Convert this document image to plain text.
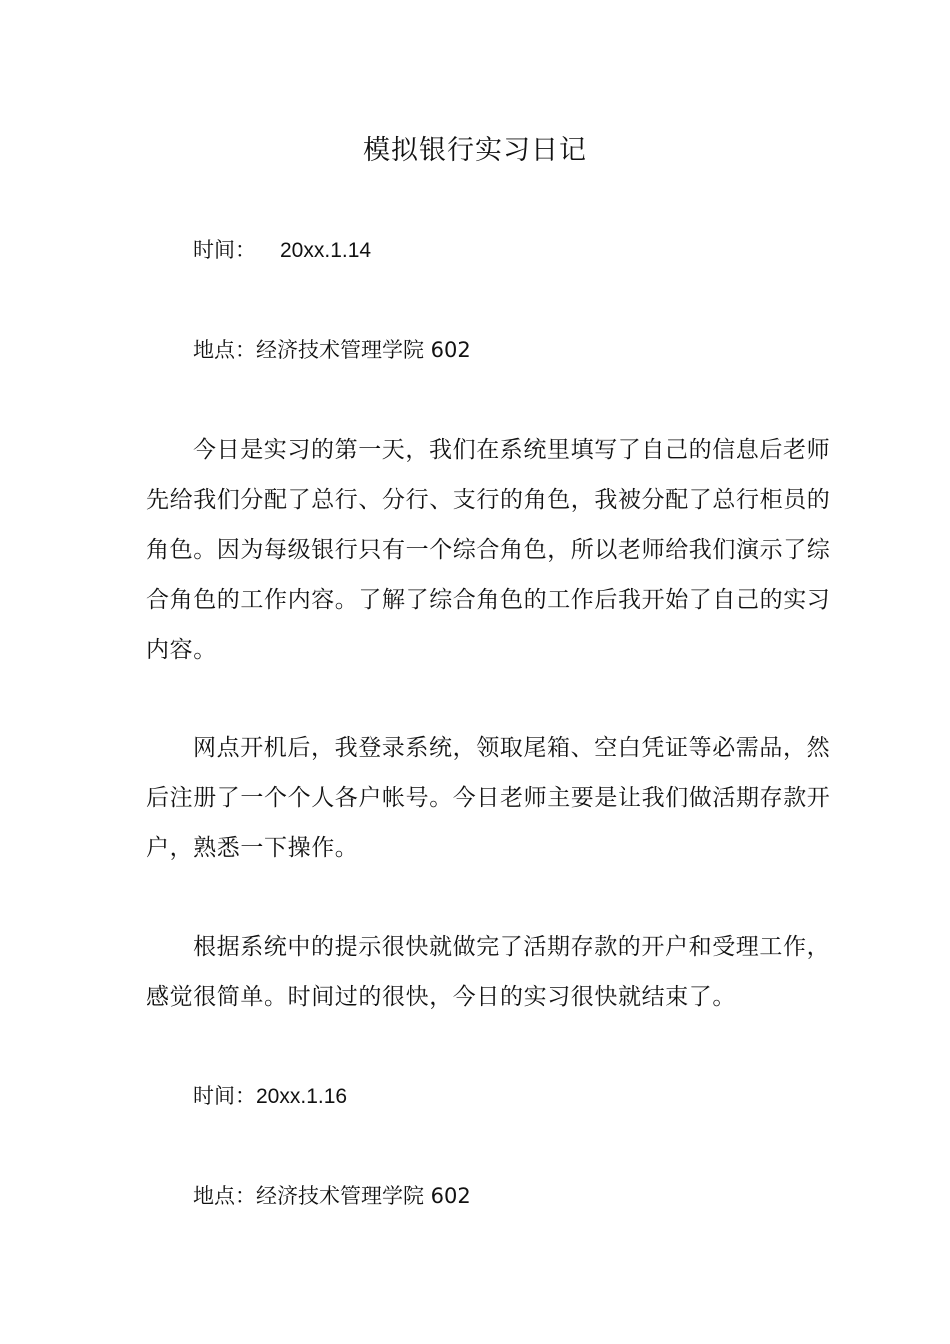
模拟银行实习日记
时间： 20xx.1.14
地点：经济技术管理学院 602
今日是实习的第一天，我们在系统里填写了自己的信息后老师先给我们分配了总行、分行、支行的角色，我被分配了总行柜员的角色。因为每级银行只有一个综合角色，所以老师给我们演示了综合角色的工作内容。了解了综合角色的工作后我开始了自己的实习内容。
网点开机后，我登录系统，领取尾箱、空白凭证等必需品，然后注册了一个个人各户帐号。今日老师主要是让我们做活期存款开户，熟悉一下操作。
根据系统中的提示很快就做完了活期存款的开户和受理工作，感觉很简单。时间过的很快，今日的实习很快就结束了。
时间：20xx.1.16
地点：经济技术管理学院 602
